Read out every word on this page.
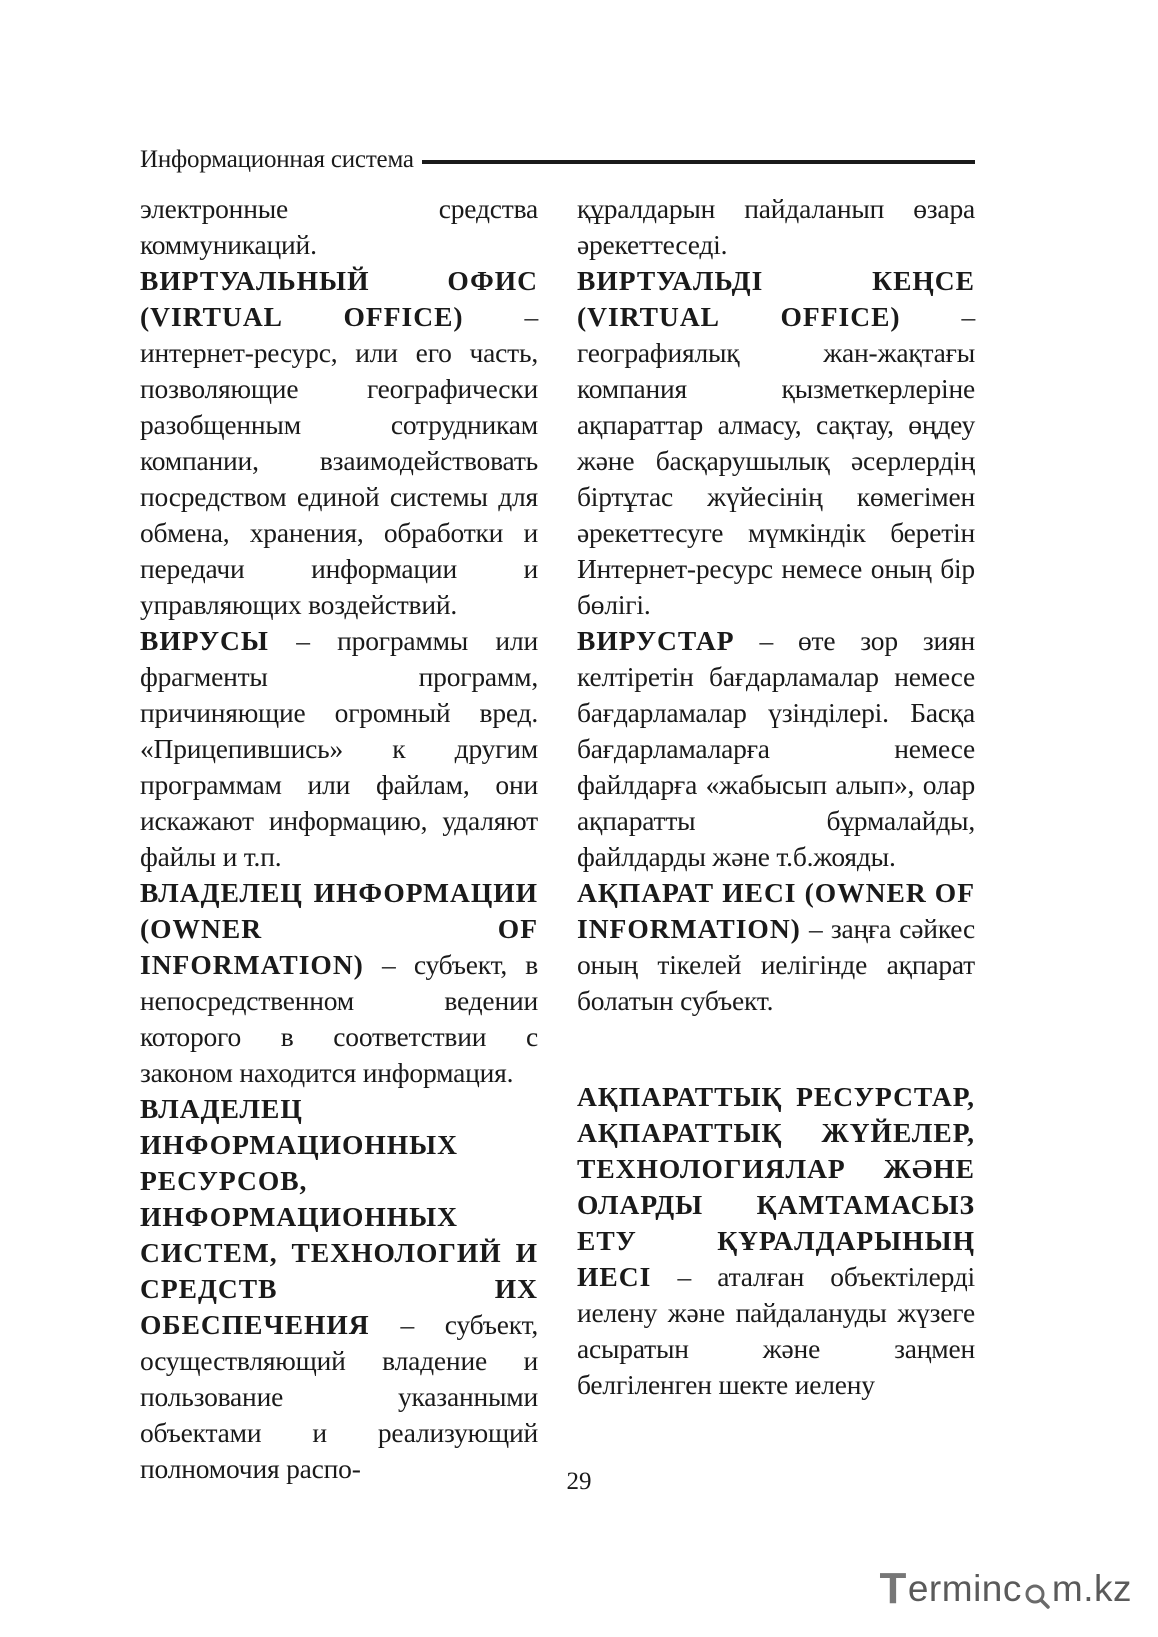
Информационная система

электронные средства коммуникаций.

ВИРТУАЛЬНЫЙ ОФИС (VIRTUAL OFFICE) – интернет-ресурс, или его часть, позволяющие географически разобщенным сотрудникам компании, взаимодействовать посредством единой системы для обмена, хранения, обработки и передачи информации и управляющих воздействий.

ВИРУСЫ – программы или фрагменты программ, причиняющие огромный вред. «Прицепившись» к другим программам или файлам, они искажают информацию, удаляют файлы и т.п.

ВЛАДЕЛЕЦ ИНФОРМАЦИИ (OWNER OF INFORMATION) – субъект, в непосредственном ведении которого в соответствии с законом находится информация.

ВЛАДЕЛЕЦ ИНФОРМАЦИОННЫХ РЕСУРСОВ, ИНФОРМАЦИОННЫХ СИСТЕМ, ТЕХНОЛОГИЙ И СРЕДСТВ ИХ ОБЕСПЕЧЕНИЯ – субъект, осуществляющий владение и пользование указанными объектами и реализующий полномочия распо-

құралдарын пайдаланып өзара әрекеттеседі.

ВИРТУАЛЬДІ КЕҢСЕ (VIRTUAL OFFICE) – географиялық жан-жақтағы компания қызметкерлеріне ақпараттар алмасу, сақтау, өңдеу және басқарушылық әсерлердің біртұтас жүйесінің көмегімен әрекеттесуге мүмкіндік беретін Интернет-ресурс немесе оның бір бөлігі.

ВИРУСТАР – өте зор зиян келтіретін бағдарламалар немесе бағдарламалар үзінділері. Басқа бағдарламаларға немесе файлдарға «жабысып алып», олар ақпаратты бұрмалайды, файлдарды және т.б.жояды.

АҚПАРАТ ИЕСІ (OWNER OF INFORMATION) – заңға сәйкес оның тікелей иелігінде ақпарат болатын субъект.

АҚПАРАТТЫҚ РЕСУРСТАР, АҚПАРАТТЫҚ ЖҮЙЕЛЕР, ТЕХНОЛОГИЯЛАР ЖӘНЕ ОЛАРДЫ ҚАМТАМАСЫЗ ЕТУ ҚҰРАЛДАРЫНЫҢ ИЕСІ – аталған объектілерді иелену және пайдалануды жүзеге асыратын және заңмен белгіленген шекте иелену

29
T erminc m.kz
